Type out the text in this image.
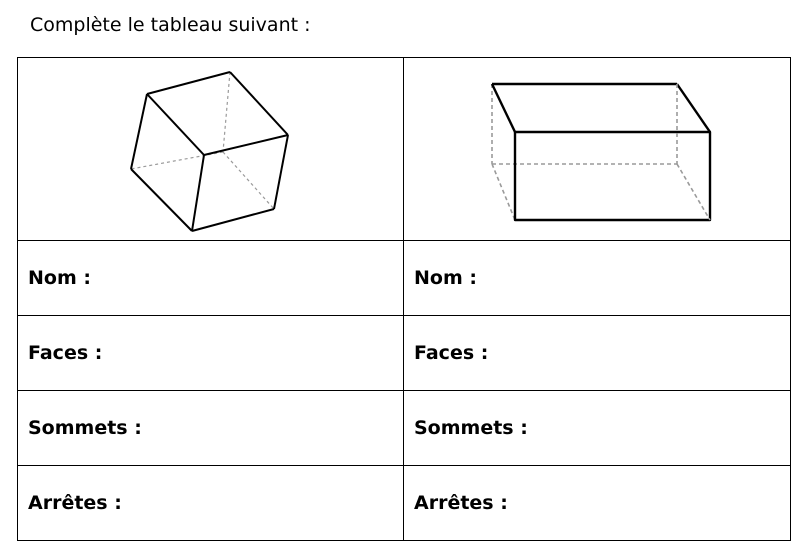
Complète le tableau suivant :

Nom :	Nom :
Faces :	Faces :
Sommets :	Sommets :
Arrêtes :	Arrêtes :
